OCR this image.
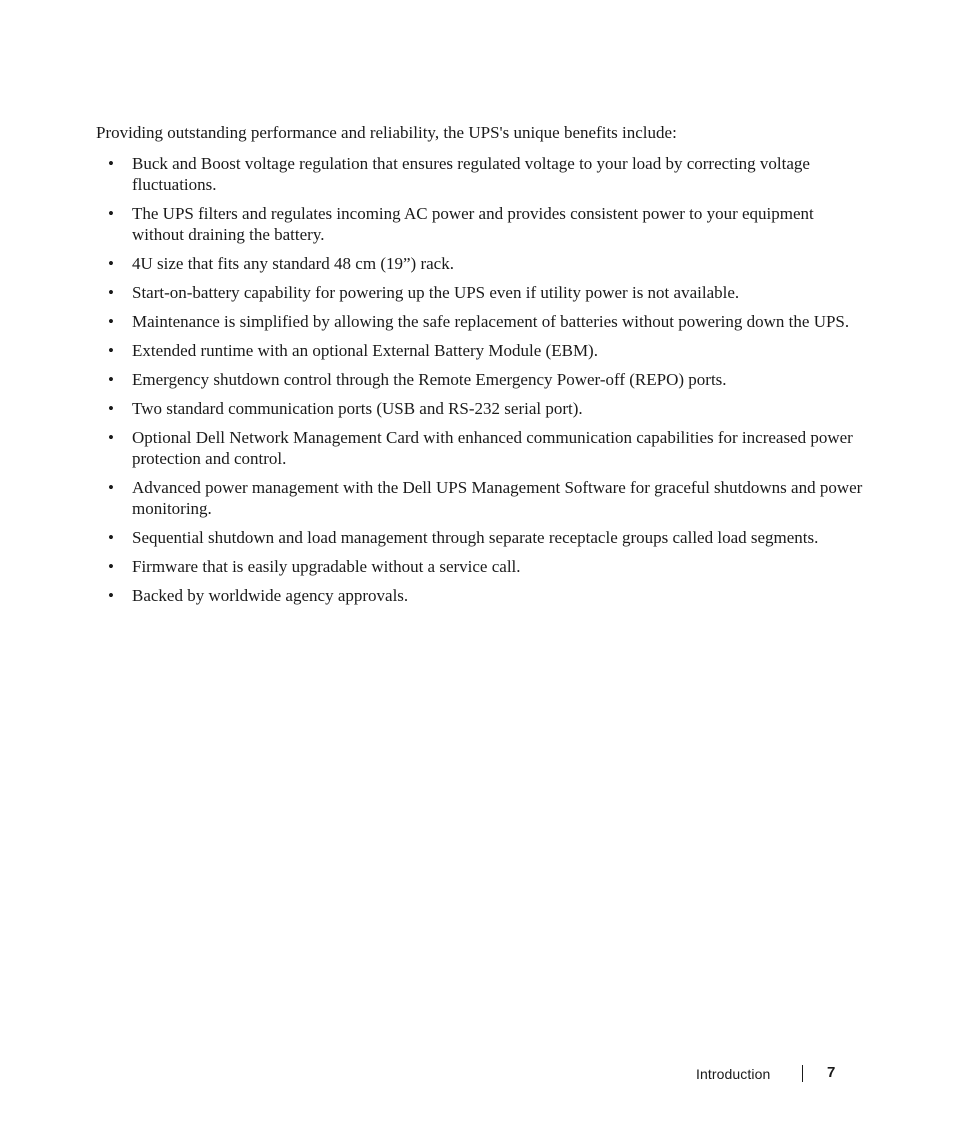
Providing outstanding performance and reliability, the UPS's unique benefits include:

• Buck and Boost voltage regulation that ensures regulated voltage to your load by correcting voltage fluctuations.
• The UPS filters and regulates incoming AC power and provides consistent power to your equipment without draining the battery.
• 4U size that fits any standard 48 cm (19”) rack.
• Start-on-battery capability for powering up the UPS even if utility power is not available.
• Maintenance is simplified by allowing the safe replacement of batteries without powering down the UPS.
• Extended runtime with an optional External Battery Module (EBM).
• Emergency shutdown control through the Remote Emergency Power-off (REPO) ports.
• Two standard communication ports (USB and RS-232 serial port).
• Optional Dell Network Management Card with enhanced communication capabilities for increased power protection and control.
• Advanced power management with the Dell UPS Management Software for graceful shutdowns and power monitoring.
• Sequential shutdown and load management through separate receptacle groups called load segments.
• Firmware that is easily upgradable without a service call.
• Backed by worldwide agency approvals.
Introduction	7
